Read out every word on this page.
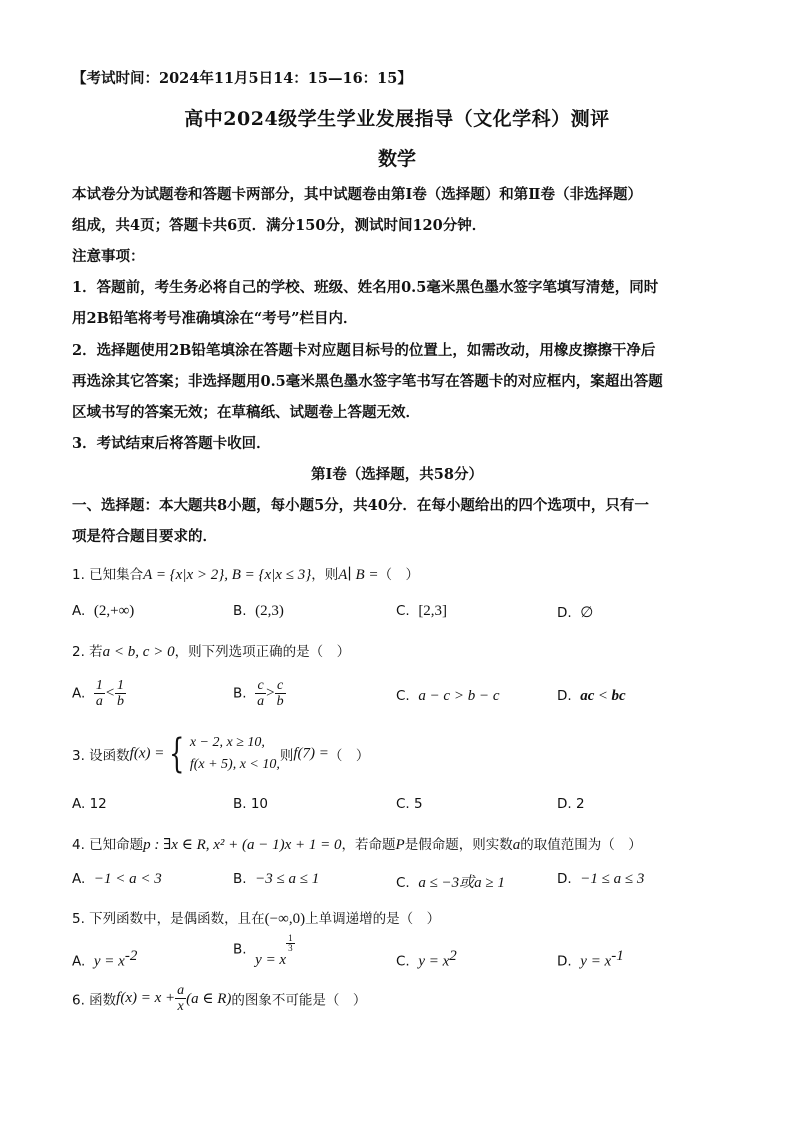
【考试时间：2024年11月5日14：15—16：15】
高中2024级学生学业发展指导（文化学科）测评
数学
本试卷分为试题卷和答题卡两部分，其中试题卷由第Ⅰ卷（选择题）和第Ⅱ卷（非选择题）
组成，共4页；答题卡共6页．满分150分，测试时间120分钟．
注意事项：
1．答题前，考生务必将自己的学校、班级、姓名用0.5毫米黑色墨水签字笔填写清楚，同时
用2B铅笔将考号准确填涂在“考号”栏目内．
2．选择题使用2B铅笔填涂在答题卡对应题目标号的位置上，如需改动，用橡皮擦擦干净后
再选涂其它答案；非选择题用0.5毫米黑色墨水签字笔书写在答题卡的对应框内，案超出答题
区域书写的答案无效；在草稿纸、试题卷上答题无效．
3．考试结束后将答题卡收回．
第Ⅰ卷（选择题，共58分）
一、选择题：本大题共8小题，每小题5分，共40分．在每小题给出的四个选项中，只有一
项是符合题目要求的．
1. 已知集合A = {x|x > 2}, B = {x|x ≤ 3}，则A∣ B =（　）
A. (2,+∞)	B. (2,3)	C. [2,3]	D. ∅
2. 若a < b, c > 0，则下列选项正确的是（　）
A. $\frac{1}{a} < \frac{1}{b}$	B. $\frac{c}{a} > \frac{c}{b}$	C. a − c > b − c	D. ac < bc
3. 设函数f(x) = { x − 2, x ≥ 10,
f(x + 5), x < 10,
则f(7) =（　）
A. 12	B. 10	C. 5	D. 2
4. 已知命题p : ∃x ∈ R, x² + (a − 1)x + 1 = 0，若命题P是假命题，则实数a的取值范围为（　）
A. −1 < a < 3	B. −3 ≤ a ≤ 1	C. a ≤ −3或a ≥ 1	D. −1 ≤ a ≤ 3
5. 下列函数中，是偶函数，且在(−∞,0)上单调递增的是（　）
A. $y = x^{-2}$	B.  y = x
$\frac{1}{3}$
C. $y = x^2$	D. $y = x^{-1}$
6. 函数$f(x) = x + \frac{a}{x} (a$ ∈ R)的图象不可能是（　）
